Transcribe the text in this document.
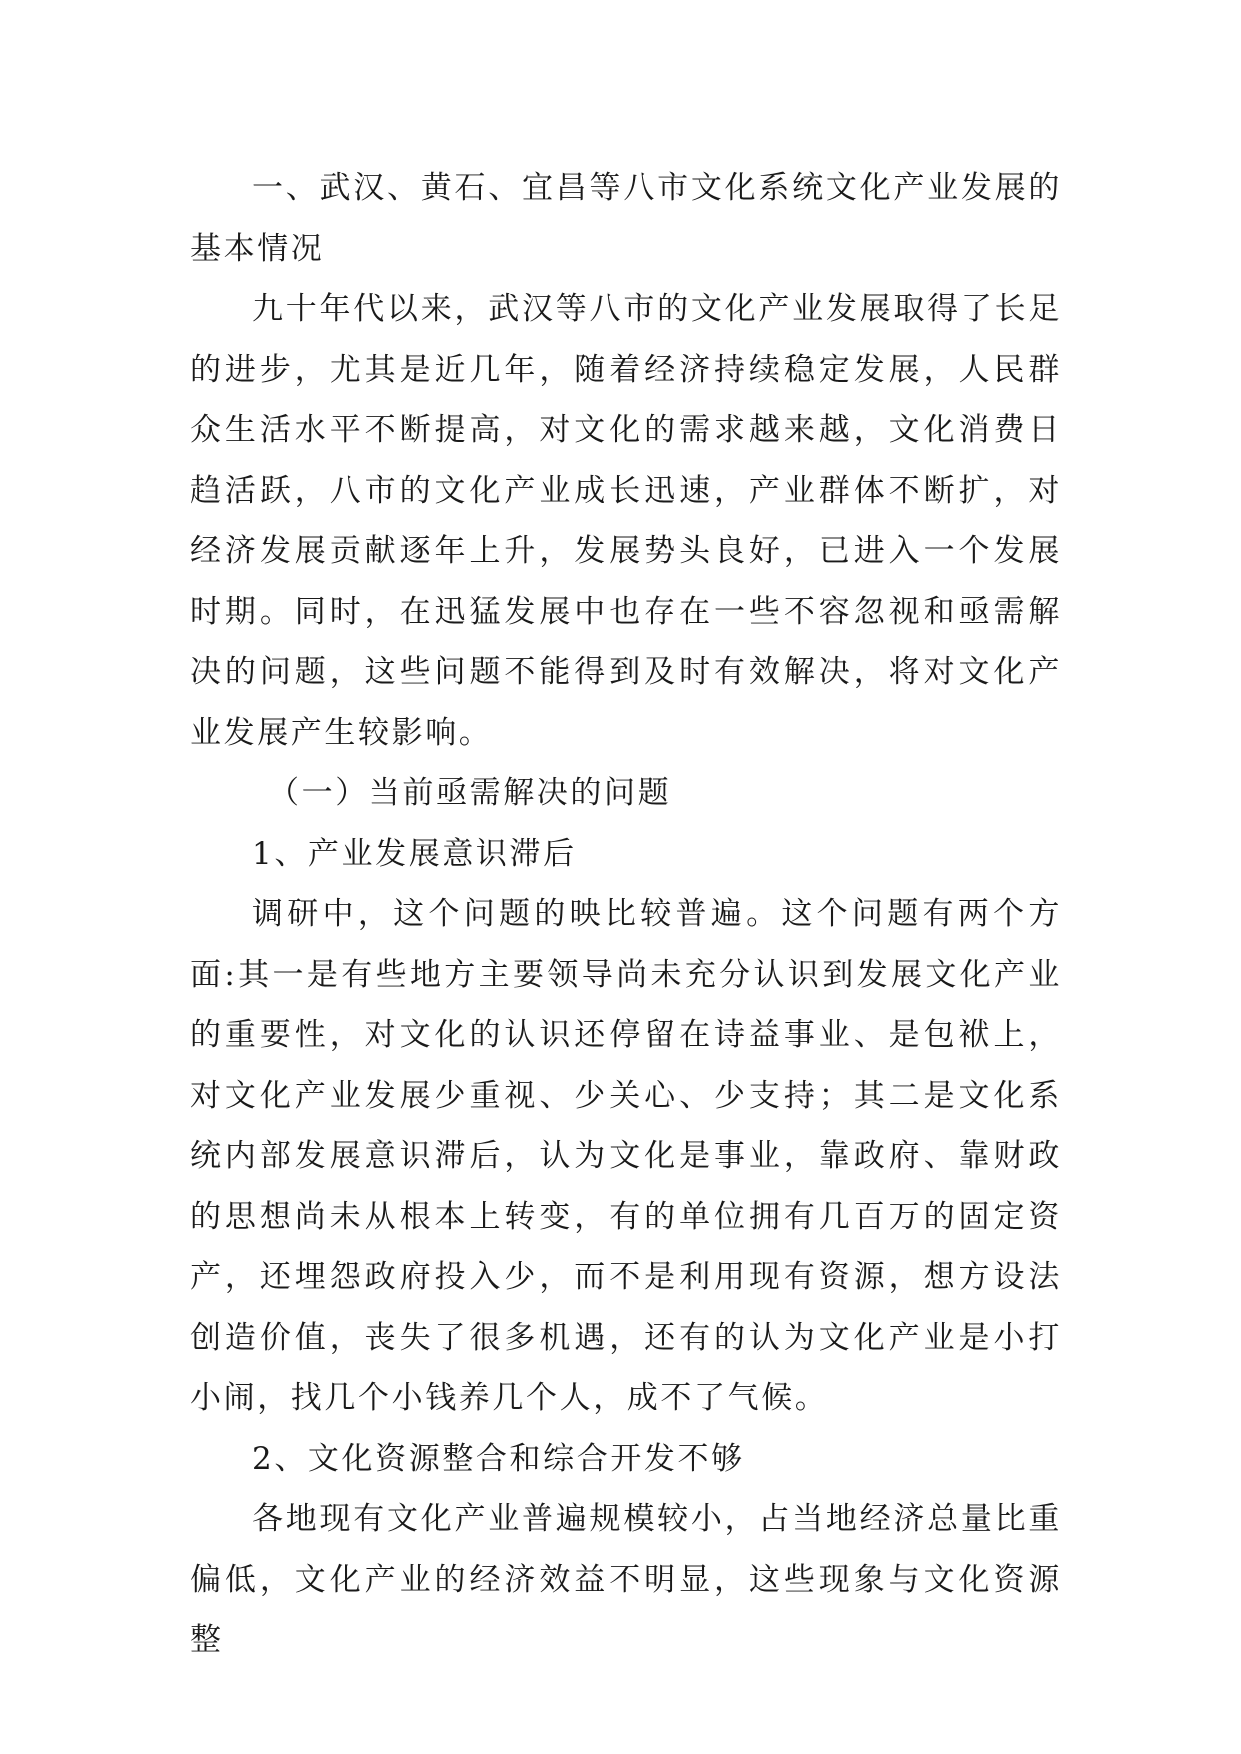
一、武汉、黄石、宜昌等八市文化系统文化产业发展的基本情况

九十年代以来，武汉等八市的文化产业发展取得了长足的进步，尤其是近几年，随着经济持续稳定发展，人民群众生活水平不断提高，对文化的需求越来越，文化消费日趋活跃，八市的文化产业成长迅速，产业群体不断扩，对经济发展贡献逐年上升，发展势头良好，已进入一个发展时期。同时，在迅猛发展中也存在一些不容忽视和亟需解决的问题，这些问题不能得到及时有效解决，将对文化产业发展产生较影响。

（一）当前亟需解决的问题

1、产业发展意识滞后

调研中，这个问题的映比较普遍。这个问题有两个方面:其一是有些地方主要领导尚未充分认识到发展文化产业的重要性，对文化的认识还停留在诗益事业、是包袱上，对文化产业发展少重视、少关心、少支持；其二是文化系统内部发展意识滞后，认为文化是事业，靠政府、靠财政的思想尚未从根本上转变，有的单位拥有几百万的固定资产，还埋怨政府投入少，而不是利用现有资源，想方设法创造价值，丧失了很多机遇，还有的认为文化产业是小打小闹，找几个小钱养几个人，成不了气候。

2、文化资源整合和综合开发不够

各地现有文化产业普遍规模较小，占当地经济总量比重偏低，文化产业的经济效益不明显，这些现象与文化资源整
